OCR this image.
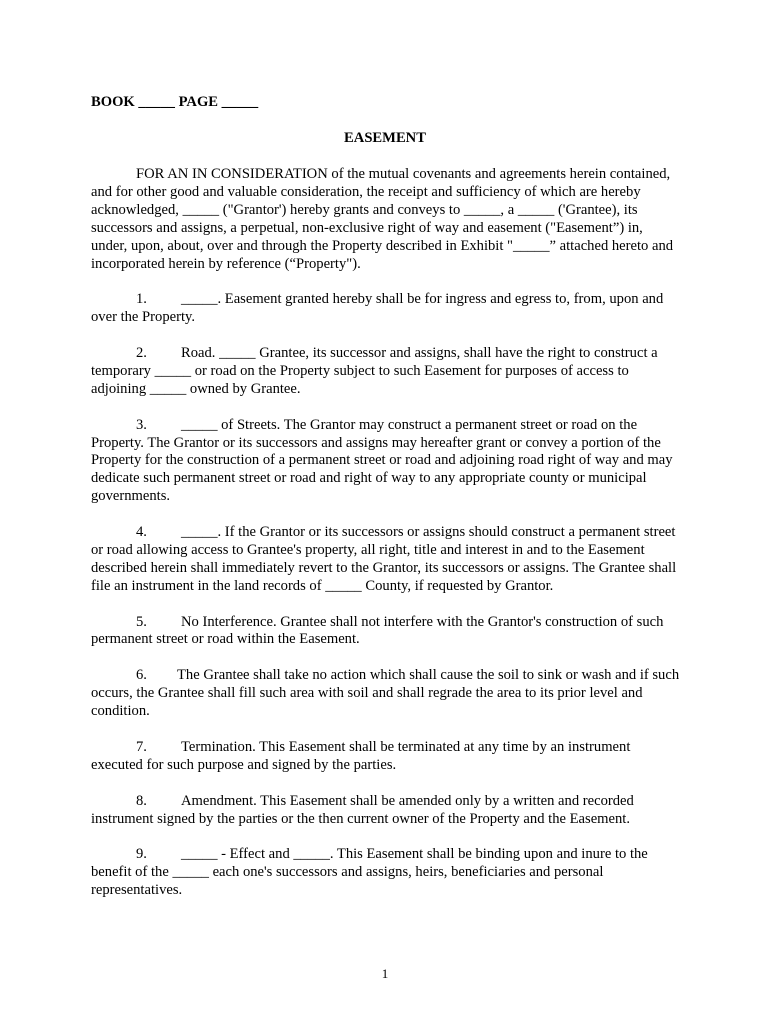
BOOK _____ PAGE _____
EASEMENT

FOR AN IN CONSIDERATION of the mutual covenants and agreements herein contained, and for other good and valuable consideration, the receipt and sufficiency of which are hereby acknowledged, _____ ("Grantor') hereby grants and conveys to _____, a _____ ('Grantee), its successors and assigns, a perpetual, non-exclusive right of way and easement ("Easement”) in, under, upon, about, over and through the Property described in Exhibit "_____” attached hereto and incorporated herein by reference (“Property").

1. _____. Easement granted hereby shall be for ingress and egress to, from, upon and over the Property.

2. Road. _____ Grantee, its successor and assigns, shall have the right to construct a temporary _____ or road on the Property subject to such Easement for purposes of access to adjoining _____ owned by Grantee.

3. _____ of Streets. The Grantor may construct a permanent street or road on the Property. The Grantor or its successors and assigns may hereafter grant or convey a portion of the Property for the construction of a permanent street or road and adjoining road right of way and may dedicate such permanent street or road and right of way to any appropriate county or municipal governments.

4. _____. If the Grantor or its successors or assigns should construct a permanent street or road allowing access to Grantee's property, all right, title and interest in and to the Easement described herein shall immediately revert to the Grantor, its successors or assigns. The Grantee shall file an instrument in the land records of _____ County, if requested by Grantor.

5. No Interference. Grantee shall not interfere with the Grantor's construction of such permanent street or road within the Easement.

6. The Grantee shall take no action which shall cause the soil to sink or wash and if such occurs, the Grantee shall fill such area with soil and shall regrade the area to its prior level and condition.

7. Termination. This Easement shall be terminated at any time by an instrument executed for such purpose and signed by the parties.

8. Amendment. This Easement shall be amended only by a written and recorded instrument signed by the parties or the then current owner of the Property and the Easement.

9. _____ - Effect and _____. This Easement shall be binding upon and inure to the benefit of the _____ each one's successors and assigns, heirs, beneficiaries and personal representatives.

1
